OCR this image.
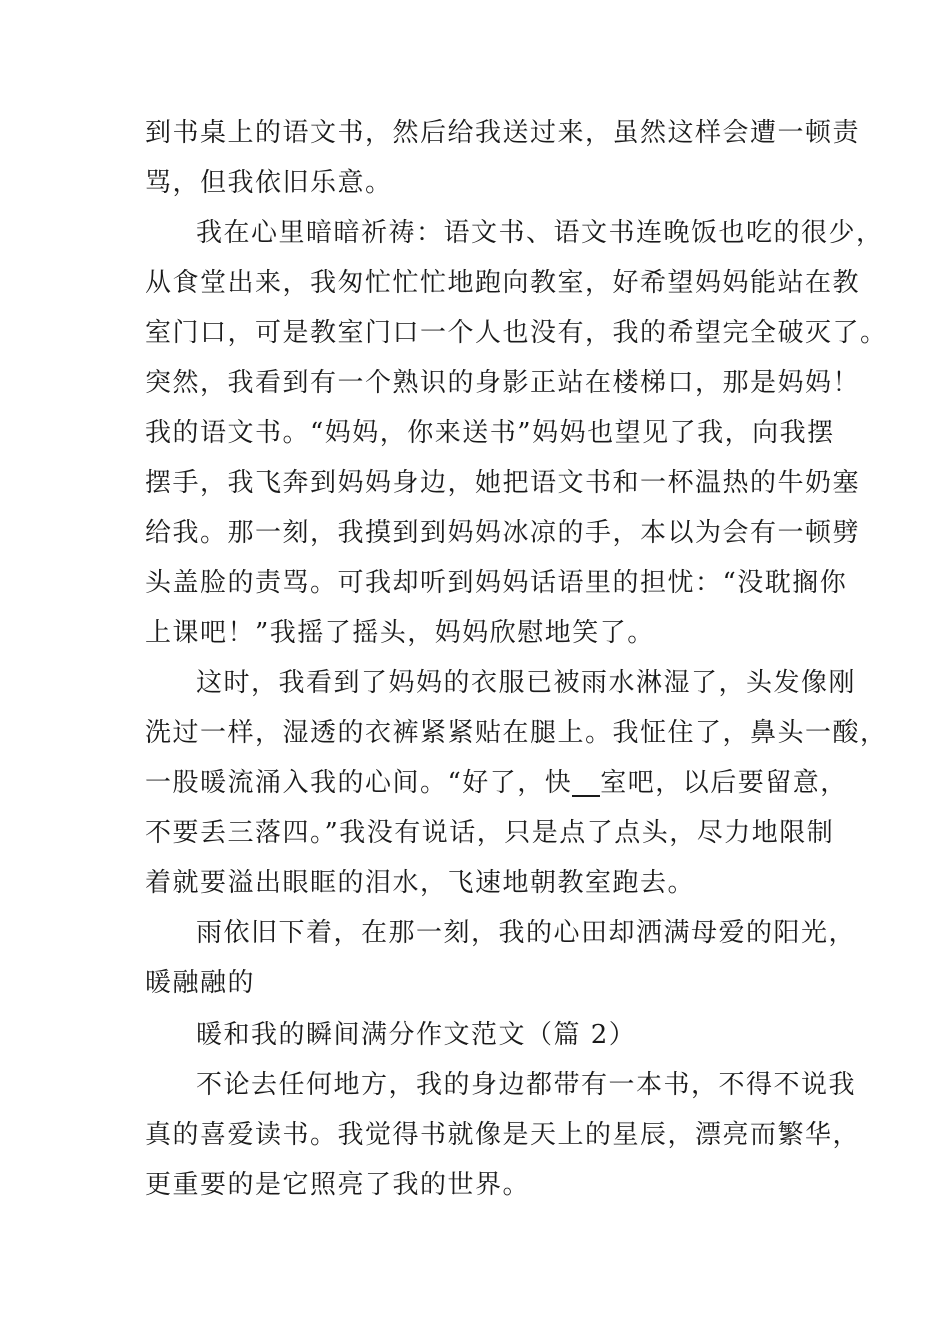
到书桌上的语文书，然后给我送过来，虽然这样会遭一顿责
骂，但我依旧乐意。
我在心里暗暗祈祷：语文书、语文书连晚饭也吃的很少，
从食堂出来，我匆忙忙忙地跑向教室，好希望妈妈能站在教
室门口，可是教室门口一个人也没有，我的希望完全破灭了。
突然，我看到有一个熟识的身影正站在楼梯口，那是妈妈！
我的语文书。“妈妈，你来送书”妈妈也望见了我，向我摆
摆手，我飞奔到妈妈身边，她把语文书和一杯温热的牛奶塞
给我。那一刻，我摸到到妈妈冰凉的手，本以为会有一顿劈
头盖脸的责骂。可我却听到妈妈话语里的担忧：“没耽搁你
上课吧！”我摇了摇头，妈妈欣慰地笑了。
这时，我看到了妈妈的衣服已被雨水淋湿了，头发像刚
洗过一样，湿透的衣裤紧紧贴在腿上。我怔住了，鼻头一酸，
一股暖流涌入我的心间。“好了，快 室吧，以后要留意，
不要丢三落四。”我没有说话，只是点了点头，尽力地限制
着就要溢出眼眶的泪水，飞速地朝教室跑去。
雨依旧下着，在那一刻，我的心田却洒满母爱的阳光，
暖融融的
暖和我的瞬间满分作文范文（篇 2）
不论去任何地方，我的身边都带有一本书，不得不说我
真的喜爱读书。我觉得书就像是天上的星辰，漂亮而繁华，
更重要的是它照亮了我的世界。
